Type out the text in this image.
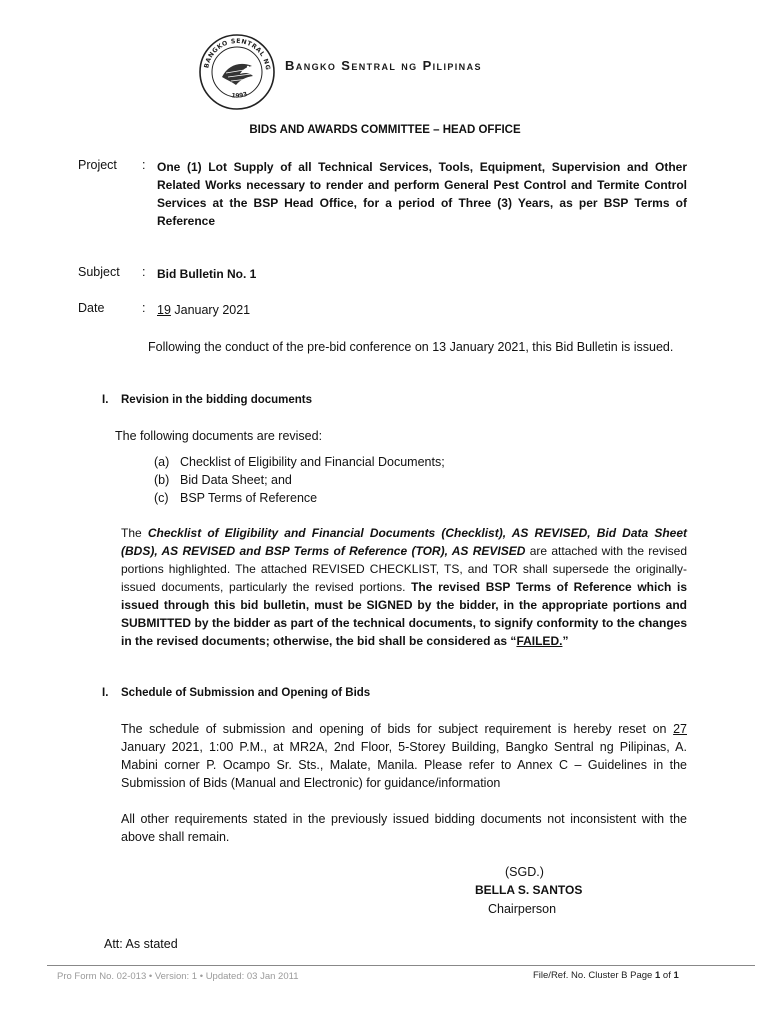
BANGKO SENTRAL NG
1993
Bangko Sentral ng Pilipinas
BIDS AND AWARDS COMMITTEE – HEAD OFFICE
Project : One (1) Lot Supply of all Technical Services, Tools, Equipment, Supervision and Other Related Works necessary to render and perform General Pest Control and Termite Control Services at the BSP Head Office, for a period of Three (3) Years, as per BSP Terms of Reference
Subject : Bid Bulletin No. 1
Date	: 19 January 2021
Following the conduct of the pre-bid conference on 13 January 2021, this Bid Bulletin is issued.
I. Revision in the bidding documents
The following documents are revised:
(a) Checklist of Eligibility and Financial Documents;
(b) Bid Data Sheet; and
(c) BSP Terms of Reference
The Checklist of Eligibility and Financial Documents (Checklist), AS REVISED, Bid Data Sheet (BDS), AS REVISED and BSP Terms of Reference (TOR), AS REVISED are attached with the revised portions highlighted. The attached REVISED CHECKLIST, TS, and TOR shall supersede the originally-issued documents, particularly the revised portions. The revised BSP Terms of Reference which is issued through this bid bulletin, must be SIGNED by the bidder, in the appropriate portions and SUBMITTED by the bidder as part of the technical documents, to signify conformity to the changes in the revised documents; otherwise, the bid shall be considered as “FAILED.”
I. Schedule of Submission and Opening of Bids
The schedule of submission and opening of bids for subject requirement is hereby reset on 27 January 2021, 1:00 P.M., at MR2A, 2nd Floor, 5-Storey Building, Bangko Sentral ng Pilipinas, A. Mabini corner P. Ocampo Sr. Sts., Malate, Manila. Please refer to Annex C – Guidelines in the Submission of Bids (Manual and Electronic) for guidance/information
All other requirements stated in the previously issued bidding documents not inconsistent with the above shall remain.
(SGD.)
BELLA S. SANTOS
Chairperson
Att: As stated
Pro Form No. 02-013 • Version: 1 • Updated: 03 Jan 2011	File/Ref. No. Cluster B Page 1 of 1
